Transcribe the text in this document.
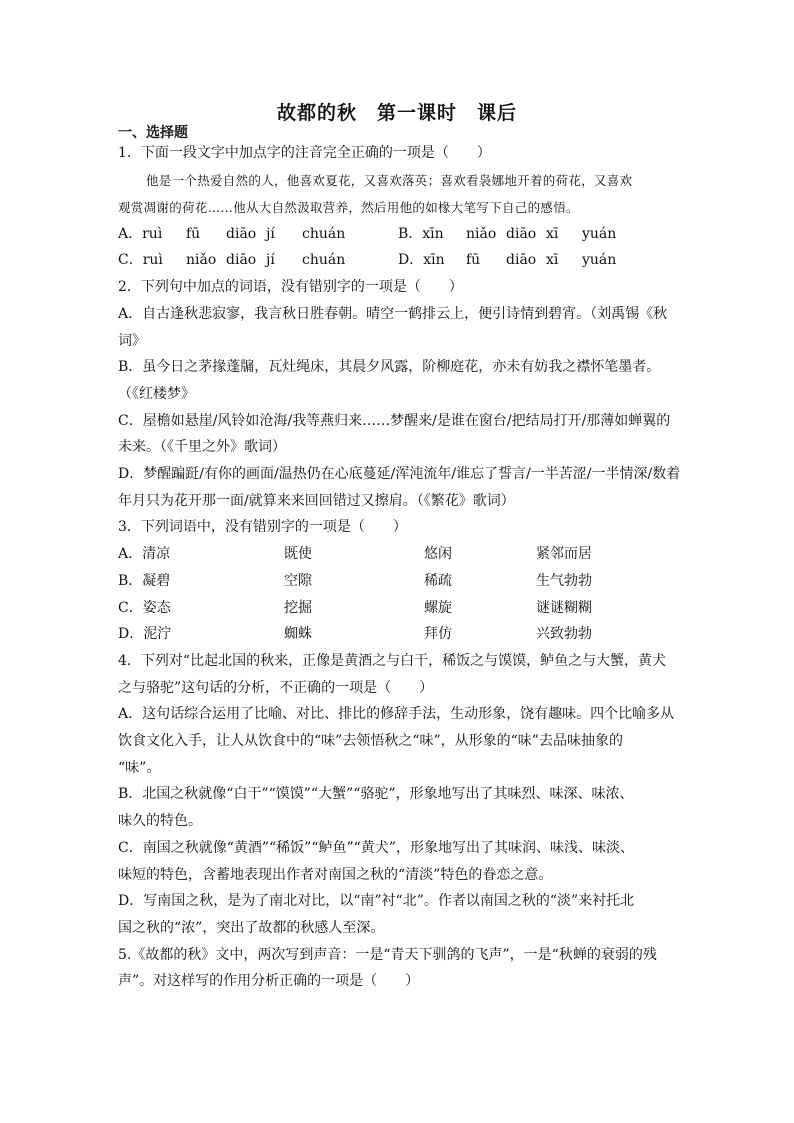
故都的秋　第一课时　课后
一、选择题
1．下面一段文字中加点字的注音完全正确的一项是（　　）
他是一个热爱自然的人，他喜欢夏花，又喜欢落英；喜欢看袅娜地开着的荷花，又喜欢
观赏凋谢的荷花……他从大自然汲取营养，然后用他的如椽大笔写下自己的感悟。
A．ruì	fū	diāo jí	chuán	B．xīn	niǎo diāo xī	yuán
C．ruì	niǎo diāo jí	chuán	D．xīn	fū	diāo xī	yuán
2．下列句中加点的词语，没有错别字的一项是（　　）
A．自古逢秋悲寂寥，我言秋日胜春朝。晴空一鹤排云上，便引诗情到碧宵。（刘禹锡《秋
词》
B．虽今日之茅掾蓬牖，瓦灶绳床，其晨夕风露，阶柳庭花，亦未有妨我之襟怀笔墨者。
（《红楼梦》
C．屋檐如悬崖/风铃如沧海/我等燕归来……梦醒来/是谁在窗台/把结局打开/那薄如蝉翼的
未来。（《千里之外》歌词）
D．梦醒蹁跹/有你的画面/温热仍在心底蔓延/浑沌流年/谁忘了誓言/一半苦涩/一半情深/数着
年月只为花开那一面/就算来来回回错过又擦肩。（《繁花》歌词）
3．下列词语中，没有错别字的一项是（　　）
A．清凉	既使	悠闲	紧邻而居
B．凝碧	空隙	稀疏	生气勃勃
C．姿态	挖掘	螺旋	谜谜糊糊
D．泥泞	蜘蛛	拜仿	兴致勃勃
4．下列对“比起北国的秋来，正像是黄酒之与白干，稀饭之与馍馍，鲈鱼之与大蟹，黄犬
之与骆驼”这句话的分析，不正确的一项是（　　）
A．这句话综合运用了比喻、对比、排比的修辞手法，生动形象，饶有趣味。四个比喻多从
饮食文化入手，让人从饮食中的“味”去领悟秋之“味”，从形象的“味”去品味抽象的
“味”。
B．北国之秋就像“白干”“馍馍”“大蟹”“骆驼”，形象地写出了其味烈、味深、味浓、
味久的特色。
C．南国之秋就像“黄酒”“稀饭”“鲈鱼”“黄犬”，形象地写出了其味润、味浅、味淡、
味短的特色，含蓄地表现出作者对南国之秋的“清淡”特色的眷恋之意。
D．写南国之秋，是为了南北对比，以“南”衬“北”。作者以南国之秋的“淡”来衬托北
国之秋的“浓”，突出了故都的秋感人至深。
5.《故都的秋》文中，两次写到声音：一是“青天下驯鸽的飞声”，一是“秋蝉的衰弱的残
声”。对这样写的作用分析正确的一项是（　　）
